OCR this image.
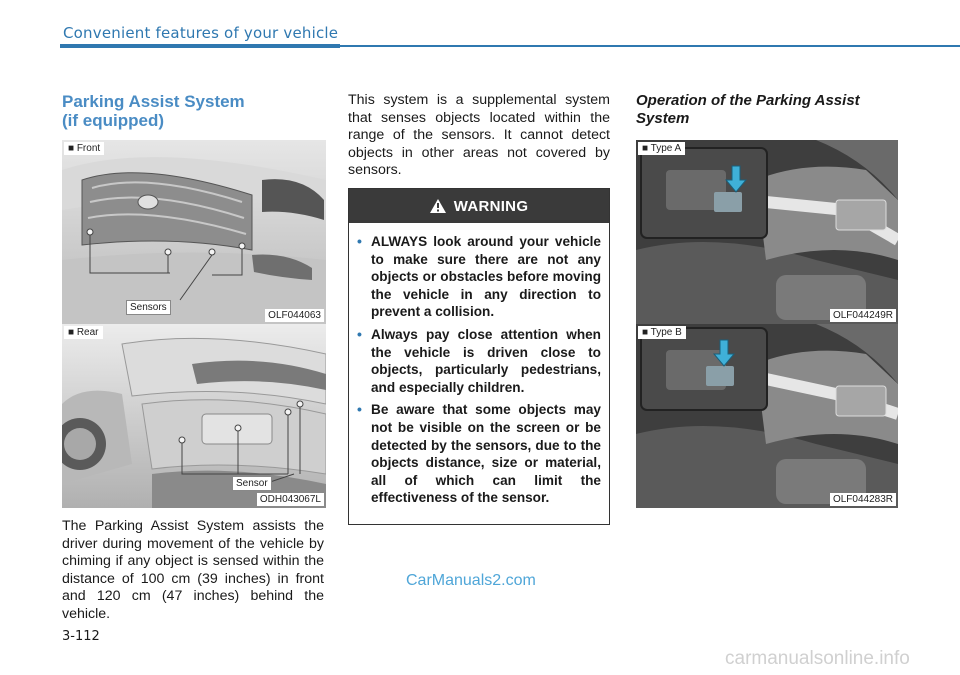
Convenient features of your vehicle
Parking Assist System
(if equipped)
■ Front
Sensors
OLF044063
■ Rear
Sensor
ODH043067L
The Parking Assist System assists the driver during movement of the vehicle by chiming if any object is sensed within the distance of 100 cm (39 inches) in front and 120 cm (47 inches) behind the vehicle.
This system is a supplemental system that senses objects located within the range of the sensors. It cannot detect objects in other areas not covered by sensors.
WARNING
• ALWAYS look around your vehicle to make sure there are not any objects or obstacles before moving the vehicle in any direction to prevent a collision.
• Always pay close attention when the vehicle is driven close to objects, particularly pedestrians, and especially children.
• Be aware that some objects may not be visible on the screen or be detected by the sensors, due to the objects distance, size or material, all of which can limit the effectiveness of the sensor.
Operation of the Parking Assist
System
■ Type A
OLF044249R
■ Type B
OLF044283R
CarManuals2.com
3-112
carmanualsonline.info
